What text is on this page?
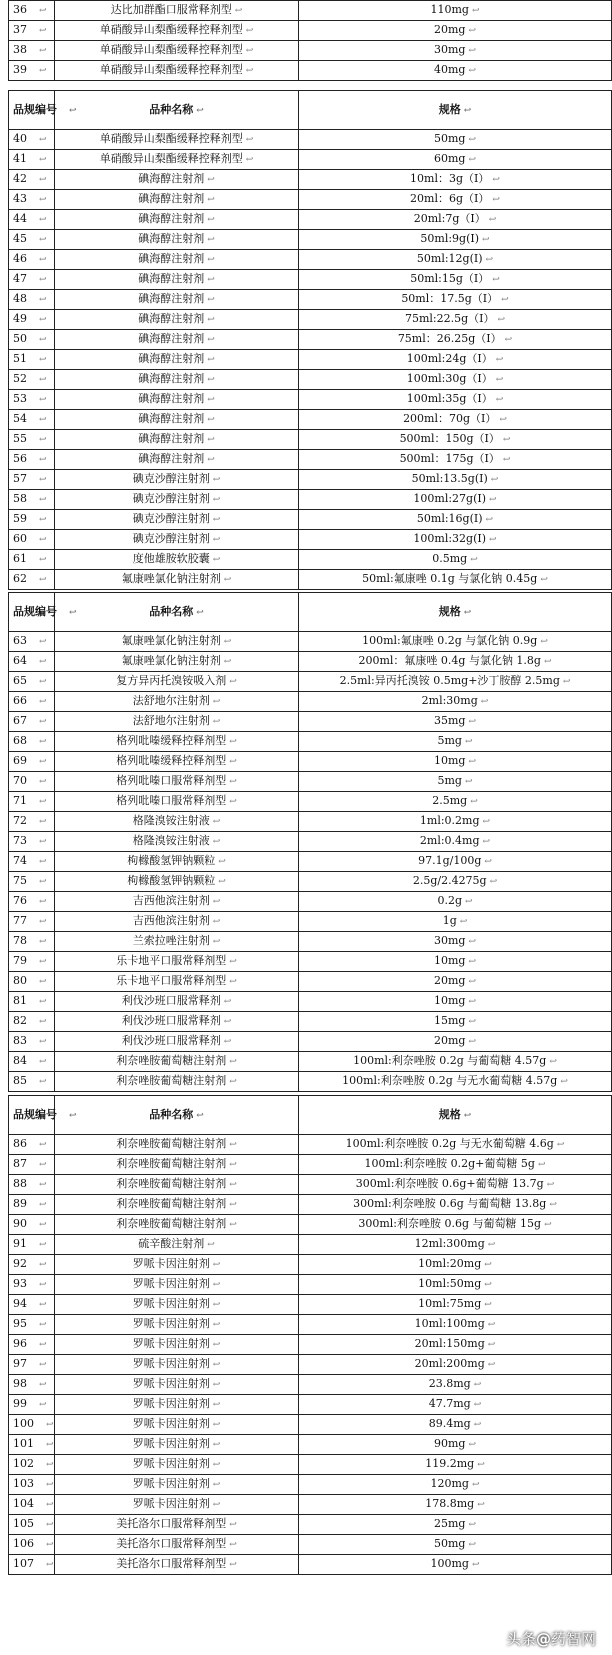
36 ↩	达比加群酯口服常释剂型 ↩	110mg ↩
37 ↩	单硝酸异山梨酯缓释控释剂型 ↩	20mg ↩
38 ↩	单硝酸异山梨酯缓释控释剂型 ↩	30mg ↩
39 ↩	单硝酸异山梨酯缓释控释剂型 ↩	40mg ↩
品规编号 ↩	品种名称 ↩	规格 ↩
40 ↩	单硝酸异山梨酯缓释控释剂型 ↩	50mg ↩
41 ↩	单硝酸异山梨酯缓释控释剂型 ↩	60mg ↩
42 ↩	碘海醇注射剂 ↩	10ml：3g（Ⅰ） ↩
43 ↩	碘海醇注射剂 ↩	20ml：6g（Ⅰ） ↩
44 ↩	碘海醇注射剂 ↩	20ml:7g（Ⅰ） ↩
45 ↩	碘海醇注射剂 ↩	50ml:9g(Ⅰ) ↩
46 ↩	碘海醇注射剂 ↩	50ml:12g(Ⅰ) ↩
47 ↩	碘海醇注射剂 ↩	50ml:15g（Ⅰ） ↩
48 ↩	碘海醇注射剂 ↩	50ml：17.5g（Ⅰ） ↩
49 ↩	碘海醇注射剂 ↩	75ml:22.5g（Ⅰ） ↩
50 ↩	碘海醇注射剂 ↩	75ml：26.25g（Ⅰ） ↩
51 ↩	碘海醇注射剂 ↩	100ml:24g（Ⅰ） ↩
52 ↩	碘海醇注射剂 ↩	100ml:30g（Ⅰ） ↩
53 ↩	碘海醇注射剂 ↩	100ml:35g（Ⅰ） ↩
54 ↩	碘海醇注射剂 ↩	200ml：70g（Ⅰ） ↩
55 ↩	碘海醇注射剂 ↩	500ml：150g（Ⅰ） ↩
56 ↩	碘海醇注射剂 ↩	500ml：175g（Ⅰ） ↩
57 ↩	碘克沙醇注射剂 ↩	50ml:13.5g(Ⅰ) ↩
58 ↩	碘克沙醇注射剂 ↩	100ml:27g(Ⅰ) ↩
59 ↩	碘克沙醇注射剂 ↩	50ml:16g(Ⅰ) ↩
60 ↩	碘克沙醇注射剂 ↩	100ml:32g(Ⅰ) ↩
61 ↩	度他雄胺软胶囊 ↩	0.5mg ↩
62 ↩	氟康唑氯化钠注射剂 ↩	50ml:氟康唑 0.1g 与氯化钠 0.45g ↩
品规编号 ↩	品种名称 ↩	规格 ↩
63 ↩	氟康唑氯化钠注射剂 ↩	100ml:氟康唑 0.2g 与氯化钠 0.9g ↩
64 ↩	氟康唑氯化钠注射剂 ↩	200ml：氟康唑 0.4g 与氯化钠 1.8g ↩
65 ↩	复方异丙托溴铵吸入剂 ↩	2.5ml:异丙托溴铵 0.5mg+沙丁胺醇 2.5mg ↩
66 ↩	法舒地尔注射剂 ↩	2ml:30mg ↩
67 ↩	法舒地尔注射剂 ↩	35mg ↩
68 ↩	格列吡嗪缓释控释剂型 ↩	5mg ↩
69 ↩	格列吡嗪缓释控释剂型 ↩	10mg ↩
70 ↩	格列吡嗪口服常释剂型 ↩	5mg ↩
71 ↩	格列吡嗪口服常释剂型 ↩	2.5mg ↩
72 ↩	格隆溴铵注射液 ↩	1ml:0.2mg ↩
73 ↩	格隆溴铵注射液 ↩	2ml:0.4mg ↩
74 ↩	枸橼酸氢钾钠颗粒 ↩	97.1g/100g ↩
75 ↩	枸橼酸氢钾钠颗粒 ↩	2.5g/2.4275g ↩
76 ↩	吉西他滨注射剂 ↩	0.2g ↩
77 ↩	吉西他滨注射剂 ↩	1g ↩
78 ↩	兰索拉唑注射剂 ↩	30mg ↩
79 ↩	乐卡地平口服常释剂型 ↩	10mg ↩
80 ↩	乐卡地平口服常释剂型 ↩	20mg ↩
81 ↩	利伐沙班口服常释剂 ↩	10mg ↩
82 ↩	利伐沙班口服常释剂 ↩	15mg ↩
83 ↩	利伐沙班口服常释剂 ↩	20mg ↩
84 ↩	利奈唑胺葡萄糖注射剂 ↩	100ml:利奈唑胺 0.2g 与葡萄糖 4.57g ↩
85 ↩	利奈唑胺葡萄糖注射剂 ↩	100ml:利奈唑胺 0.2g 与无水葡萄糖 4.57g ↩
品规编号 ↩	品种名称 ↩	规格 ↩
86 ↩	利奈唑胺葡萄糖注射剂 ↩	100ml:利奈唑胺 0.2g 与无水葡萄糖 4.6g ↩
87 ↩	利奈唑胺葡萄糖注射剂 ↩	100ml:利奈唑胺 0.2g+葡萄糖 5g ↩
88 ↩	利奈唑胺葡萄糖注射剂 ↩	300ml:利奈唑胺 0.6g+葡萄糖 13.7g ↩
89 ↩	利奈唑胺葡萄糖注射剂 ↩	300ml:利奈唑胺 0.6g 与葡萄糖 13.8g ↩
90 ↩	利奈唑胺葡萄糖注射剂 ↩	300ml:利奈唑胺 0.6g 与葡萄糖 15g ↩
91 ↩	硫辛酸注射剂 ↩	12ml:300mg ↩
92 ↩	罗哌卡因注射剂 ↩	10ml:20mg ↩
93 ↩	罗哌卡因注射剂 ↩	10ml:50mg ↩
94 ↩	罗哌卡因注射剂 ↩	10ml:75mg ↩
95 ↩	罗哌卡因注射剂 ↩	10ml:100mg ↩
96 ↩	罗哌卡因注射剂 ↩	20ml:150mg ↩
97 ↩	罗哌卡因注射剂 ↩	20ml:200mg ↩
98 ↩	罗哌卡因注射剂 ↩	23.8mg ↩
99 ↩	罗哌卡因注射剂 ↩	47.7mg ↩
100 ↩	罗哌卡因注射剂 ↩	89.4mg ↩
101 ↩	罗哌卡因注射剂 ↩	90mg ↩
102 ↩	罗哌卡因注射剂 ↩	119.2mg ↩
103 ↩	罗哌卡因注射剂 ↩	120mg ↩
104 ↩	罗哌卡因注射剂 ↩	178.8mg ↩
105 ↩	美托洛尔口服常释剂型 ↩	25mg ↩
106 ↩	美托洛尔口服常释剂型 ↩	50mg ↩
107 ↩	美托洛尔口服常释剂型 ↩	100mg ↩
头条@药智网
